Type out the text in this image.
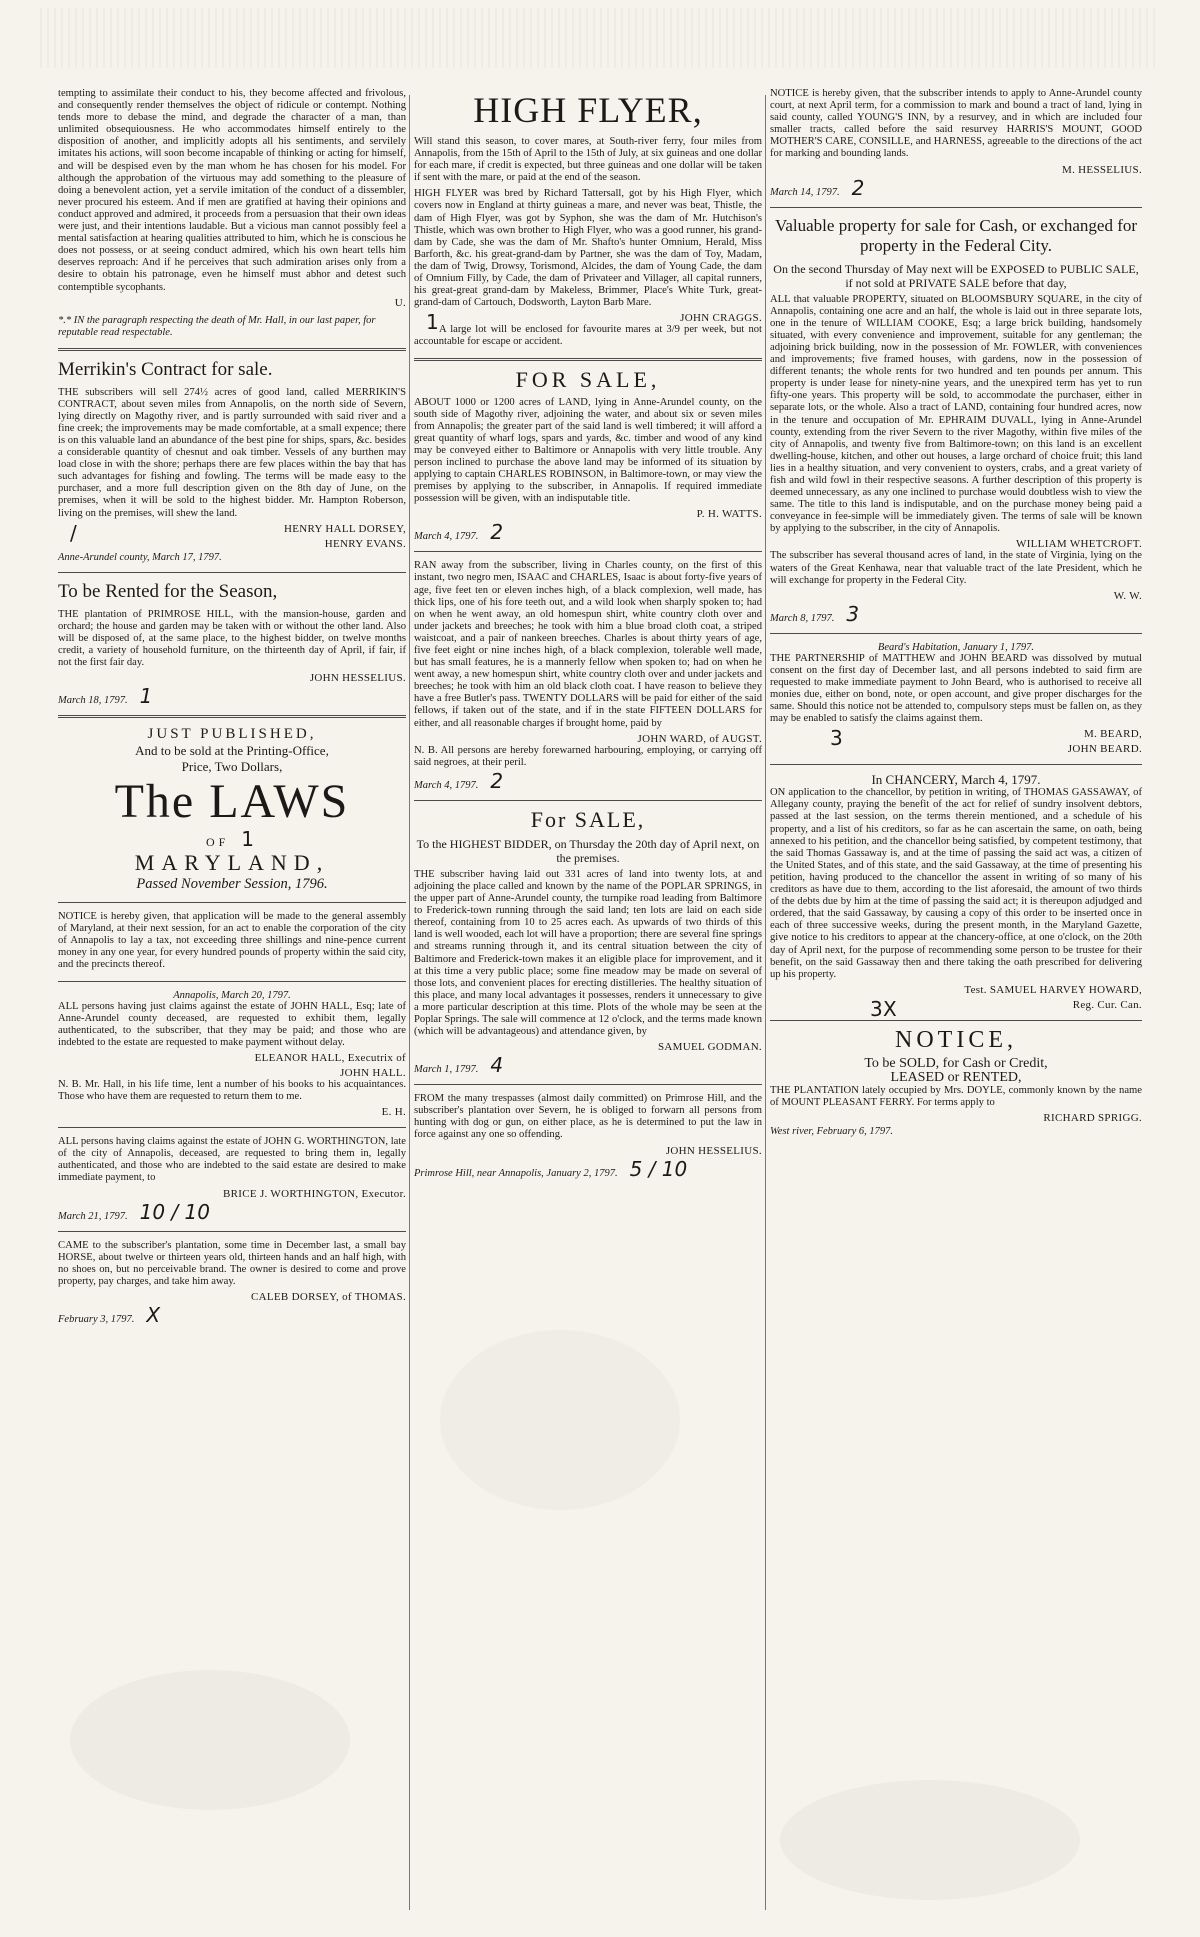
tempting to assimilate their conduct to his, they become affected and frivolous, and consequently render themselves the object of ridicule or contempt. Nothing tends more to debase the mind, and degrade the character of a man, than unlimited obsequiousness. He who accommodates himself entirely to the disposition of another, and implicitly adopts all his sentiments, and servilely imitates his actions, will soon become incapable of thinking or acting for himself, and will be despised even by the man whom he has chosen for his model. For although the approbation of the virtuous may add something to the pleasure of doing a benevolent action, yet a servile imitation of the conduct of a dissembler, never procured his esteem. And if men are gratified at having their opinions and conduct approved and admired, it proceeds from a persuasion that their own ideas were just, and their intentions laudable. But a vicious man cannot possibly feel a mental satisfaction at hearing qualities attributed to him, which he is conscious he does not possess, or at seeing conduct admired, which his own heart tells him deserves reproach: And if he perceives that such admiration arises only from a desire to obtain his patronage, even he himself must abhor and detest such contemptible sycophants.

U.

*.* IN the paragraph respecting the death of Mr. Hall, in our last paper, for reputable read respectable.

Merrikin's Contract for sale.

THE subscribers will sell 274½ acres of good land, called MERRIKIN'S CONTRACT, about seven miles from Annapolis, on the north side of Severn, lying directly on Magothy river, and is partly surrounded with said river and a fine creek; the improvements may be made comfortable, at a small expence; there is on this valuable land an abundance of the best pine for ships, spars, &c. besides a considerable quantity of chesnut and oak timber. Vessels of any burthen may load close in with the shore; perhaps there are few places within the bay that has such advantages for fishing and fowling. The terms will be made easy to the purchaser, and a more full description given on the 8th day of June, on the premises, when it will be sold to the highest bidder. Mr. Hampton Roberson, living on the premises, will shew the land.

/	HENRY HALL DORSEY,

HENRY EVANS.

Anne-Arundel county, March 17, 1797.

To be Rented for the Season,

THE plantation of PRIMROSE HILL, with the mansion-house, garden and orchard; the house and garden may be taken with or without the other land. Also will be disposed of, at the same place, to the highest bidder, on twelve months credit, a variety of household furniture, on the thirteenth day of April, if fair, if not the first fair day.

JOHN HESSELIUS.

March 18, 1797. 1

JUST PUBLISHED,
And to be sold at the Printing-Office,
Price, Two Dollars,
The LAWS
OF 1
MARYLAND,
Passed November Session, 1796.

NOTICE is hereby given, that application will be made to the general assembly of Maryland, at their next session, for an act to enable the corporation of the city of Annapolis to lay a tax, not exceeding three shillings and nine-pence current money in any one year, for every hundred pounds of property within the said city, and the precincts thereof.

Annapolis, March 20, 1797.

ALL persons having just claims against the estate of JOHN HALL, Esq; late of Anne-Arundel county deceased, are requested to exhibit them, legally authenticated, to the subscriber, that they may be paid; and those who are indebted to the estate are requested to make payment without delay.

ELEANOR HALL, Executrix of

JOHN HALL.

N. B. Mr. Hall, in his life time, lent a number of his books to his acquaintances. Those who have them are requested to return them to me.

E. H.

ALL persons having claims against the estate of JOHN G. WORTHINGTON, late of the city of Annapolis, deceased, are requested to bring them in, legally authenticated, and those who are indebted to the said estate are desired to make immediate payment, to

BRICE J. WORTHINGTON, Executor.

March 21, 1797. 10 / 10

CAME to the subscriber's plantation, some time in December last, a small bay HORSE, about twelve or thirteen years old, thirteen hands and an half high, with no shoes on, but no perceivable brand. The owner is desired to come and prove property, pay charges, and take him away.

CALEB DORSEY, of THOMAS.

February 3, 1797. X

HIGH FLYER,

Will stand this season, to cover mares, at South-river ferry, four miles from Annapolis, from the 15th of April to the 15th of July, at six guineas and one dollar for each mare, if credit is expected, but three guineas and one dollar will be taken if sent with the mare, or paid at the end of the season.

HIGH FLYER was bred by Richard Tattersall, got by his High Flyer, which covers now in England at thirty guineas a mare, and never was beat, Thistle, the dam of High Flyer, was got by Syphon, she was the dam of Mr. Hutchison's Thistle, which was own brother to High Flyer, who was a good runner, his grand-dam by Cade, she was the dam of Mr. Shafto's hunter Omnium, Herald, Miss Barforth, &c. his great-grand-dam by Partner, she was the dam of Toy, Madam, the dam of Twig, Drowsy, Torismond, Alcides, the dam of Young Cade, the dam of Omnium Filly, by Cade, the dam of Privateer and Villager, all capital runners, his great-great grand-dam by Makeless, Brimmer, Place's White Turk, great-grand-dam of Cartouch, Dodsworth, Layton Barb Mare.

1	JOHN CRAGGS.

A large lot will be enclosed for favourite mares at 3/9 per week, but not accountable for escape or accident.

FOR SALE,

ABOUT 1000 or 1200 acres of LAND, lying in Anne-Arundel county, on the south side of Magothy river, adjoining the water, and about six or seven miles from Annapolis; the greater part of the said land is well timbered; it will afford a great quantity of wharf logs, spars and yards, &c. timber and wood of any kind may be conveyed either to Baltimore or Annapolis with very little trouble. Any person inclined to purchase the above land may be informed of its situation by applying to captain CHARLES ROBINSON, in Baltimore-town, or may view the premises by applying to the subscriber, in Annapolis. If required immediate possession will be given, with an indisputable title.

P. H. WATTS.

March 4, 1797. 2

RAN away from the subscriber, living in Charles county, on the first of this instant, two negro men, ISAAC and CHARLES, Isaac is about forty-five years of age, five feet ten or eleven inches high, of a black complexion, well made, has thick lips, one of his fore teeth out, and a wild look when sharply spoken to; had on when he went away, an old homespun shirt, white country cloth over and under jackets and breeches; he took with him a blue broad cloth coat, a striped waistcoat, and a pair of nankeen breeches. Charles is about thirty years of age, five feet eight or nine inches high, of a black complexion, tolerable well made, but has small features, he is a mannerly fellow when spoken to; had on when he went away, a new homespun shirt, white country cloth over and under jackets and breeches; he took with him an old black cloth coat. I have reason to believe they have a free Butler's pass. TWENTY DOLLARS will be paid for either of the said fellows, if taken out of the state, and if in the state FIFTEEN DOLLARS for either, and all reasonable charges if brought home, paid by

JOHN WARD, of AUGST.

N. B. All persons are hereby forewarned harbouring, employing, or carrying off said negroes, at their peril.

March 4, 1797. 2

For SALE,
To the HIGHEST BIDDER, on Thursday the 20th day of April next, on the premises.

THE subscriber having laid out 331 acres of land into twenty lots, at and adjoining the place called and known by the name of the POPLAR SPRINGS, in the upper part of Anne-Arundel county, the turnpike road leading from Baltimore to Frederick-town running through the said land; ten lots are laid on each side thereof, containing from 10 to 25 acres each. As upwards of two thirds of this land is well wooded, each lot will have a proportion; there are several fine springs and streams running through it, and its central situation between the city of Baltimore and Frederick-town makes it an eligible place for improvement, and it at this time a very public place; some fine meadow may be made on several of those lots, and convenient places for erecting distilleries. The healthy situation of this place, and many local advantages it possesses, renders it unnecessary to give a more particular description at this time. Plots of the whole may be seen at the Poplar Springs. The sale will commence at 12 o'clock, and the terms made known (which will be advantageous) and attendance given, by

SAMUEL GODMAN.

March 1, 1797. 4

FROM the many trespasses (almost daily committed) on Primrose Hill, and the subscriber's plantation over Severn, he is obliged to forwarn all persons from hunting with dog or gun, on either place, as he is determined to put the law in force against any one so offending.

JOHN HESSELIUS.

Primrose Hill, near Annapolis, January 2, 1797. 5 / 10

NOTICE is hereby given, that the subscriber intends to apply to Anne-Arundel county court, at next April term, for a commission to mark and bound a tract of land, lying in said county, called YOUNG'S INN, by a resurvey, and in which are included four smaller tracts, called before the said resurvey HARRIS'S MOUNT, GOOD MOTHER'S CARE, CONSILLE, and HARNESS, agreeable to the directions of the act for marking and bounding lands.

M. HESSELIUS.

March 14, 1797. 2

Valuable property for sale for Cash, or exchanged for property in the Federal City.
On the second Thursday of May next will be EXPOSED to PUBLIC SALE, if not sold at PRIVATE SALE before that day,

ALL that valuable PROPERTY, situated on BLOOMSBURY SQUARE, in the city of Annapolis, containing one acre and an half, the whole is laid out in three separate lots, one in the tenure of WILLIAM COOKE, Esq; a large brick building, handsomely situated, with every convenience and improvement, suitable for any gentleman; the adjoining brick building, now in the possession of Mr. FOWLER, with conveniences and improvements; five framed houses, with gardens, now in the possession of different tenants; the whole rents for two hundred and ten pounds per annum. This property is under lease for ninety-nine years, and the unexpired term has yet to run fifty-one years. This property will be sold, to accommodate the purchaser, either in separate lots, or the whole. Also a tract of LAND, containing four hundred acres, now in the tenure and occupation of Mr. EPHRAIM DUVALL, lying in Anne-Arundel county, extending from the river Severn to the river Magothy, within five miles of the city of Annapolis, and twenty five from Baltimore-town; on this land is an excellent dwelling-house, kitchen, and other out houses, a large orchard of choice fruit; this land lies in a healthy situation, and very convenient to oysters, crabs, and a great variety of fish and wild fowl in their respective seasons. A further description of this property is deemed unnecessary, as any one inclined to purchase would doubtless wish to view the same. The title to this land is indisputable, and on the purchase money being paid a conveyance in fee-simple will be immediately given. The terms of sale will be known by applying to the subscriber, in the city of Annapolis.

WILLIAM WHETCROFT.

The subscriber has several thousand acres of land, in the state of Virginia, lying on the waters of the Great Kenhawa, near that valuable tract of the late President, which he will exchange for property in the Federal City.

W. W.

March 8, 1797. 3

Beard's Habitation, January 1, 1797.

THE PARTNERSHIP of MATTHEW and JOHN BEARD was dissolved by mutual consent on the first day of December last, and all persons indebted to said firm are requested to make immediate payment to John Beard, who is authorised to receive all monies due, either on bond, note, or open account, and give proper discharges for the same. Should this notice not be attended to, compulsory steps must be fallen on, as they may be enabled to satisfy the claims against them.

3	M. BEARD,

JOHN BEARD.

In CHANCERY, March 4, 1797.

ON application to the chancellor, by petition in writing, of THOMAS GASSAWAY, of Allegany county, praying the benefit of the act for relief of sundry insolvent debtors, passed at the last session, on the terms therein mentioned, and a schedule of his property, and a list of his creditors, so far as he can ascertain the same, on oath, being annexed to his petition, and the chancellor being satisfied, by competent testimony, that the said Thomas Gassaway is, and at the time of passing the said act was, a citizen of the United States, and of this state, and the said Gassaway, at the time of presenting his petition, having produced to the chancellor the assent in writing of so many of his creditors as have due to them, according to the list aforesaid, the amount of two thirds of the debts due by him at the time of passing the said act; it is thereupon adjudged and ordered, that the said Gassaway, by causing a copy of this order to be inserted once in each of three successive weeks, during the present month, in the Maryland Gazette, give notice to his creditors to appear at the chancery-office, at one o'clock, on the 20th day of April next, for the purpose of recommending some person to be trustee for their benefit, on the said Gassaway then and there taking the oath prescribed for delivering up his property.

Test. SAMUEL HARVEY HOWARD,

3X	Reg. Cur. Can.

NOTICE,
To be SOLD, for Cash or Credit,
LEASED or RENTED,

THE PLANTATION lately occupied by Mrs. DOYLE, commonly known by the name of MOUNT PLEASANT FERRY. For terms apply to

RICHARD SPRIGG.

West river, February 6, 1797.
